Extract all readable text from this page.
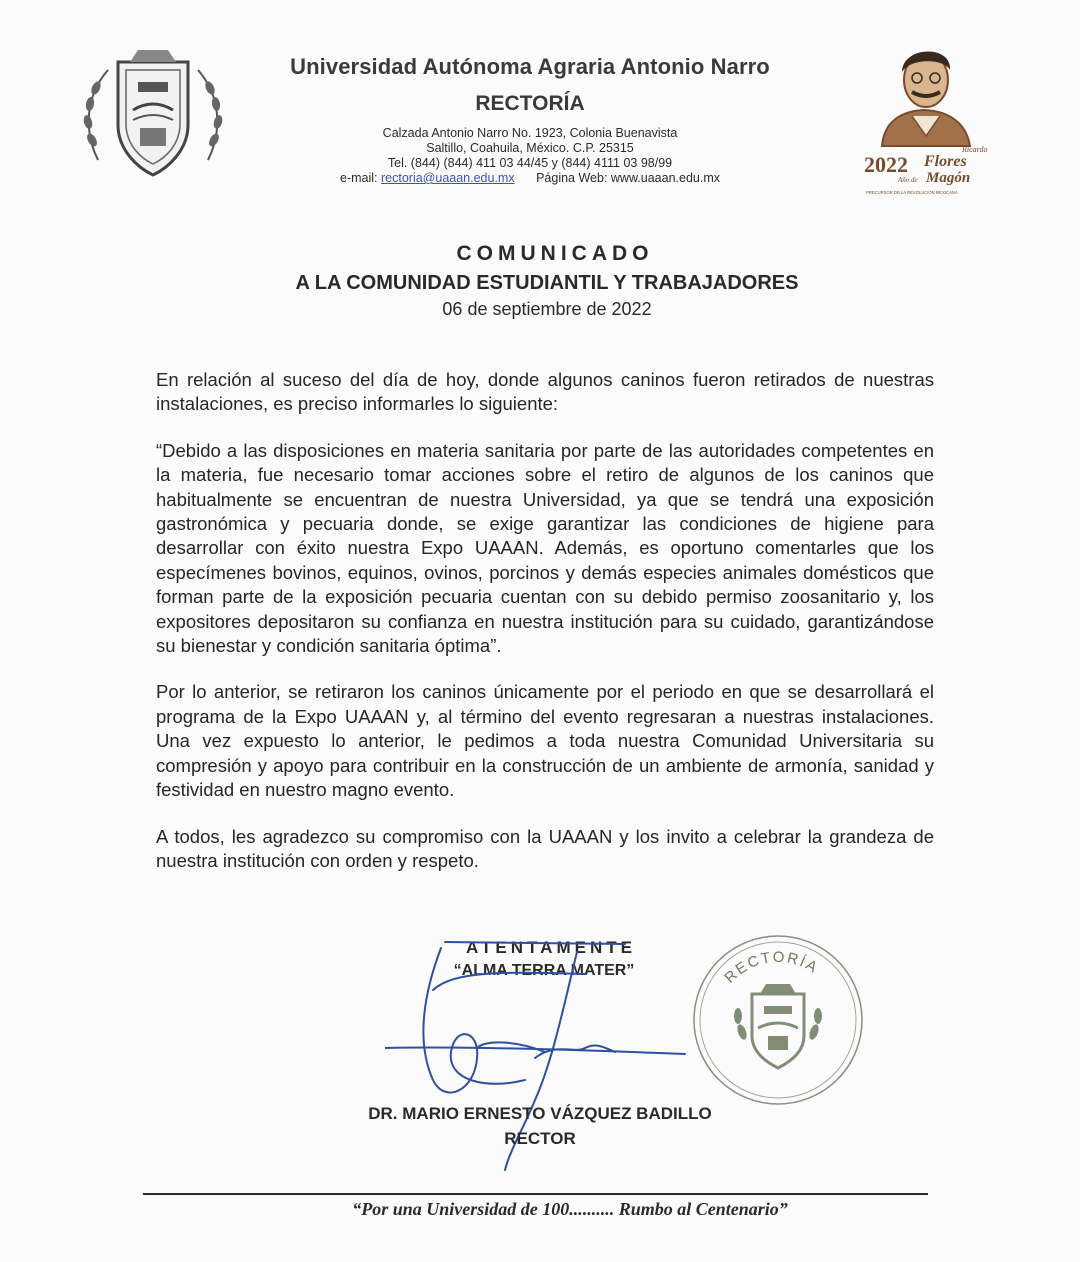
Universidad Autónoma Agraria Antonio Narro
RECTORÍA
Calzada Antonio Narro No. 1923, Colonia Buenavista
Saltillo, Coahuila, México. C.P. 25315
Tel. (844) (844) 411 03 44/45 y (844) 4111 03 98/99
e-mail: rectoria@uaaan.edu.mx Página Web: www.uaaan.edu.mx
2022
Ricardo
Flores
Año de Magón
PRECURSOR DE LA REVOLUCIÓN MEXICANA
COMUNICADO
A LA COMUNIDAD ESTUDIANTIL Y TRABAJADORES
06 de septiembre de 2022

En relación al suceso del día de hoy, donde algunos caninos fueron retirados de nuestras instalaciones, es preciso informarles lo siguiente:

“Debido a las disposiciones en materia sanitaria por parte de las autoridades competentes en la materia, fue necesario tomar acciones sobre el retiro de algunos de los caninos que habitualmente se encuentran de nuestra Universidad, ya que se tendrá una exposición gastronómica y pecuaria donde, se exige garantizar las condiciones de higiene para desarrollar con éxito nuestra Expo UAAAN. Además, es oportuno comentarles que los especímenes bovinos, equinos, ovinos, porcinos y demás especies animales domésticos que forman parte de la exposición pecuaria cuentan con su debido permiso zoosanitario y, los expositores depositaron su confianza en nuestra institución para su cuidado, garantizándose su bienestar y condición sanitaria óptima”.

Por lo anterior, se retiraron los caninos únicamente por el periodo en que se desarrollará el programa de la Expo UAAAN y, al término del evento regresaran a nuestras instalaciones. Una vez expuesto lo anterior, le pedimos a toda nuestra Comunidad Universitaria su compresión y apoyo para contribuir en la construcción de un ambiente de armonía, sanidad y festividad en nuestro magno evento.

A todos, les agradezco su compromiso con la UAAAN y los invito a celebrar la grandeza de nuestra institución con orden y respeto.

ATENTAMENTE
“ALMA TERRA MATER”	RECTORÍA
DR. MARIO ERNESTO VÁZQUEZ BADILLO
RECTOR
“Por una Universidad de 100.......... Rumbo al Centenario”
